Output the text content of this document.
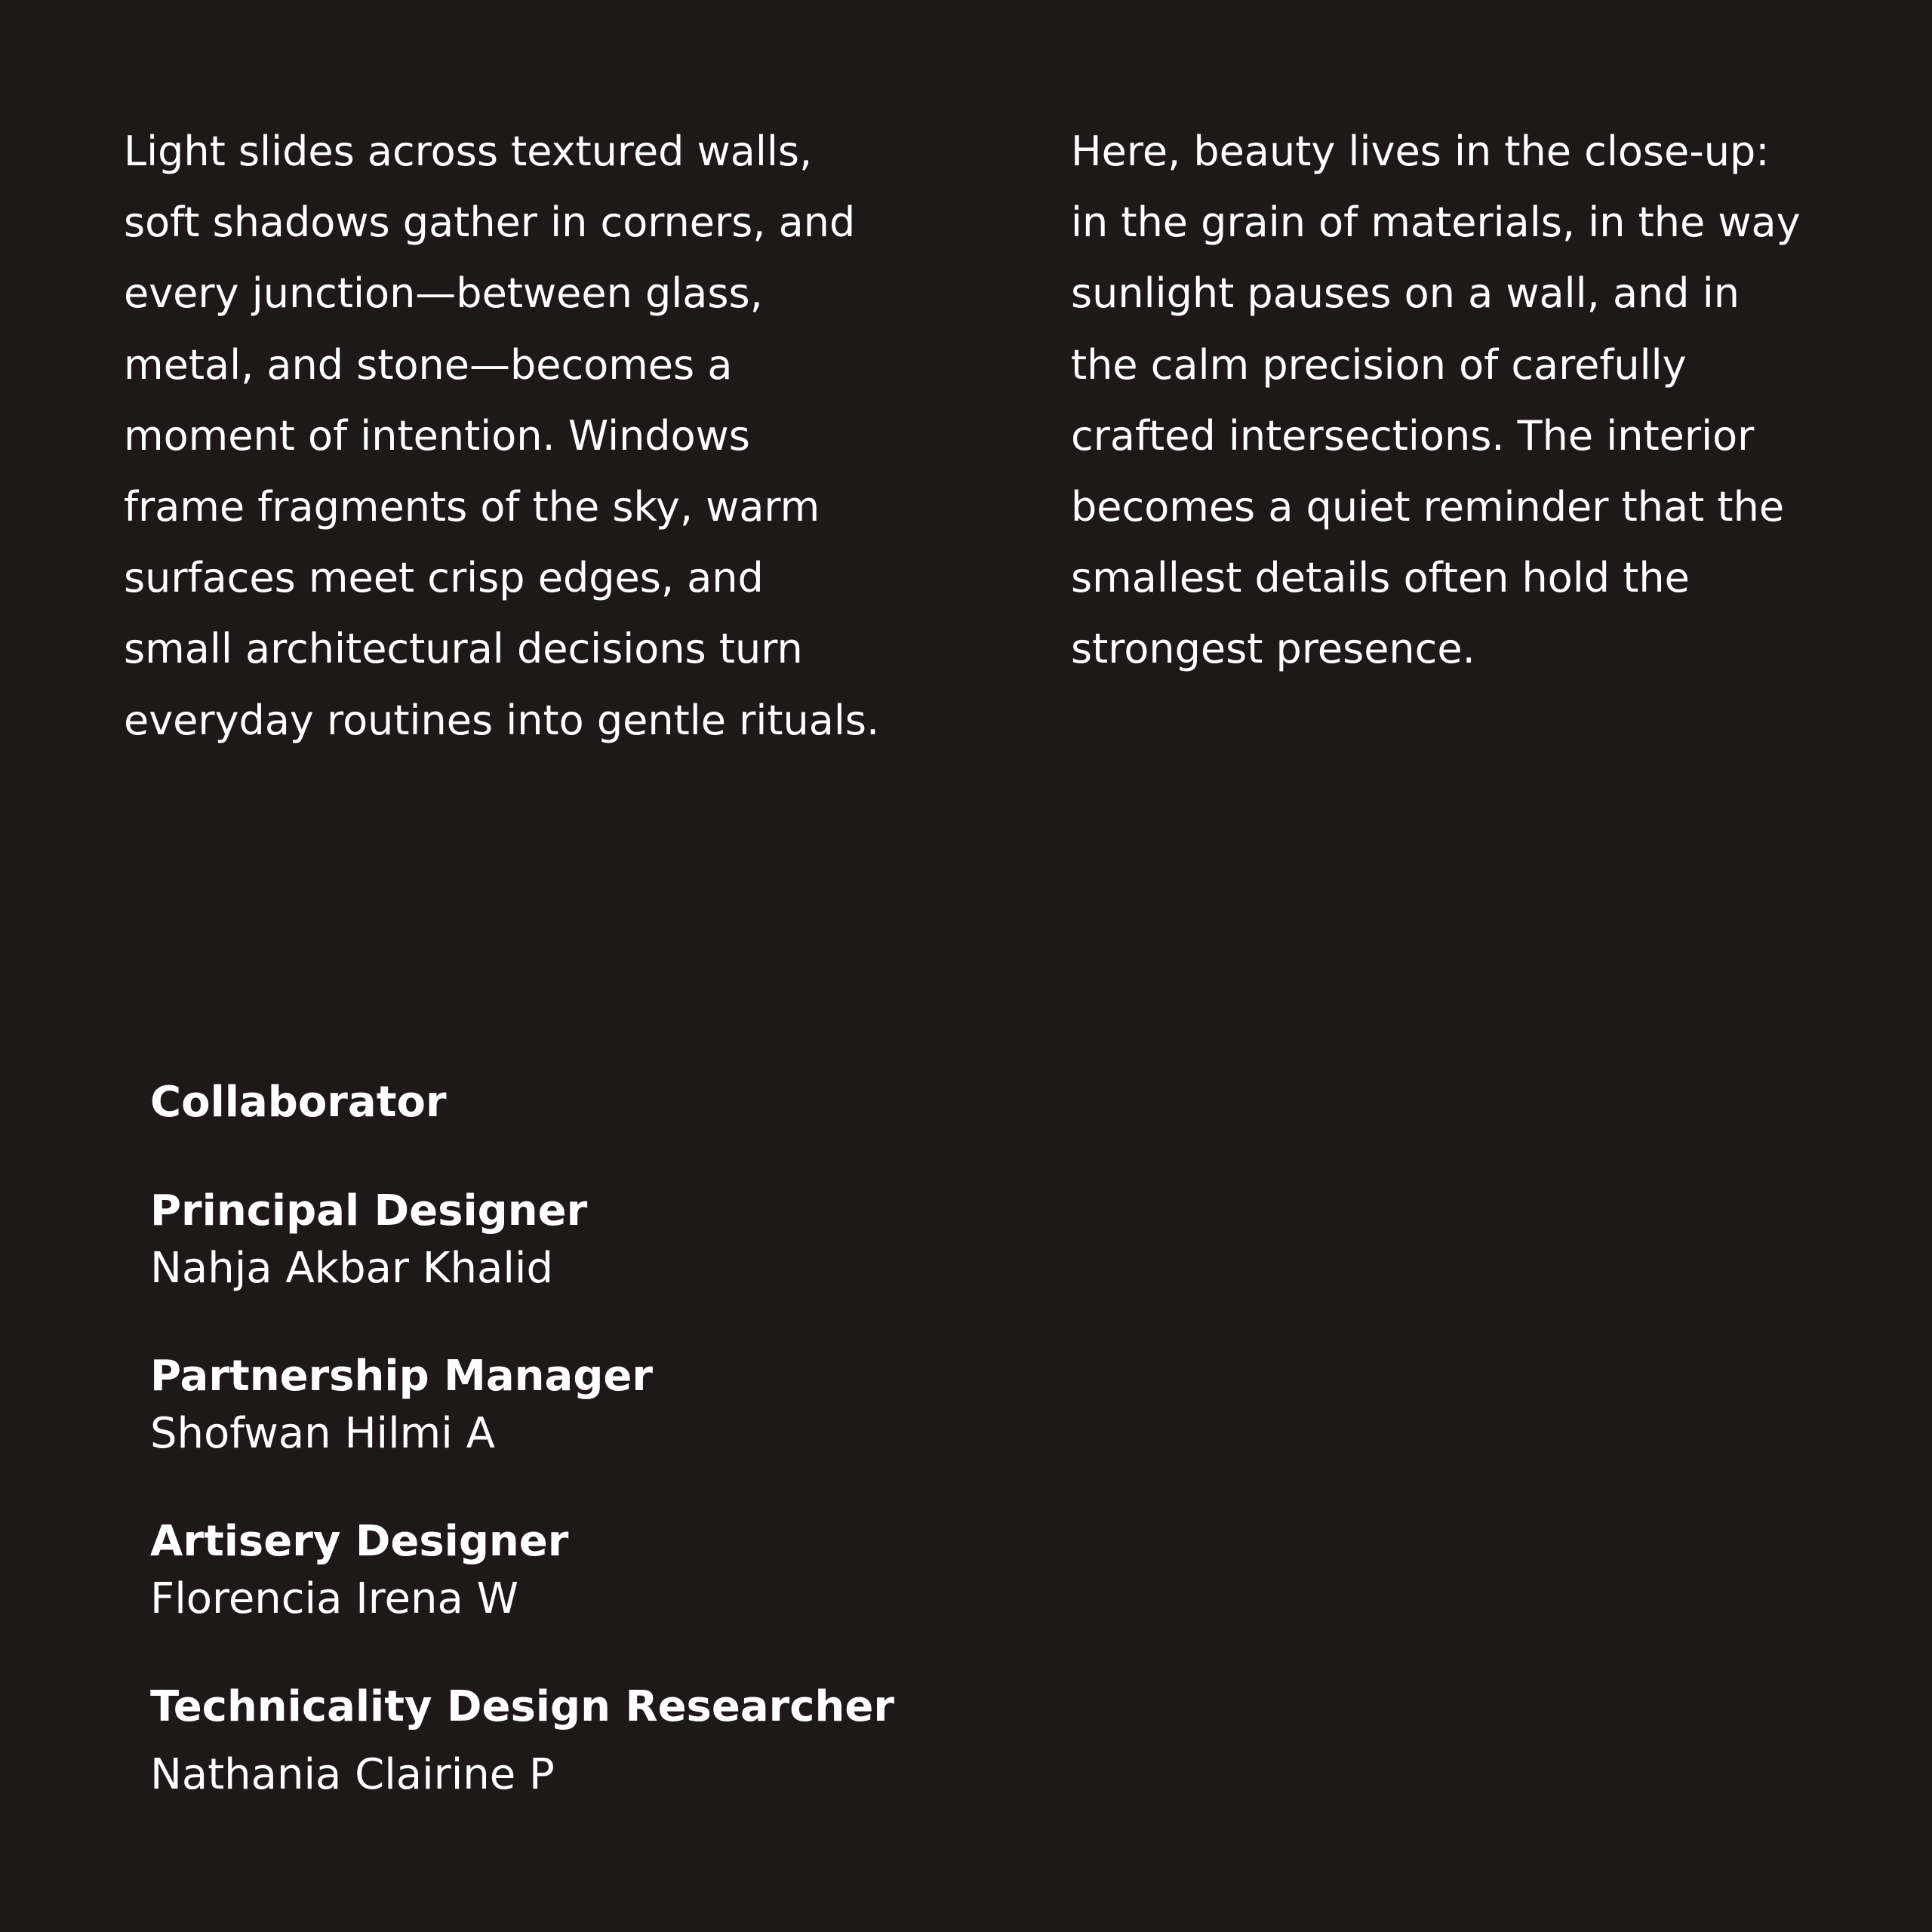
Light slides across textured walls,
soft shadows gather in corners, and
every junction—between glass,
metal, and stone—becomes a
moment of intention. Windows
frame fragments of the sky, warm
surfaces meet crisp edges, and
small architectural decisions turn
everyday routines into gentle rituals.
Here, beauty lives in the close-up:
in the grain of materials, in the way
sunlight pauses on a wall, and in
the calm precision of carefully
crafted intersections. The interior
becomes a quiet reminder that the
smallest details often hold the
strongest presence.
Collaborator
Principal Designer
Nahja Akbar Khalid
Partnership Manager
Shofwan Hilmi A
Artisery Designer
Florencia Irena W
Technicality Design Researcher
Nathania Clairine P
